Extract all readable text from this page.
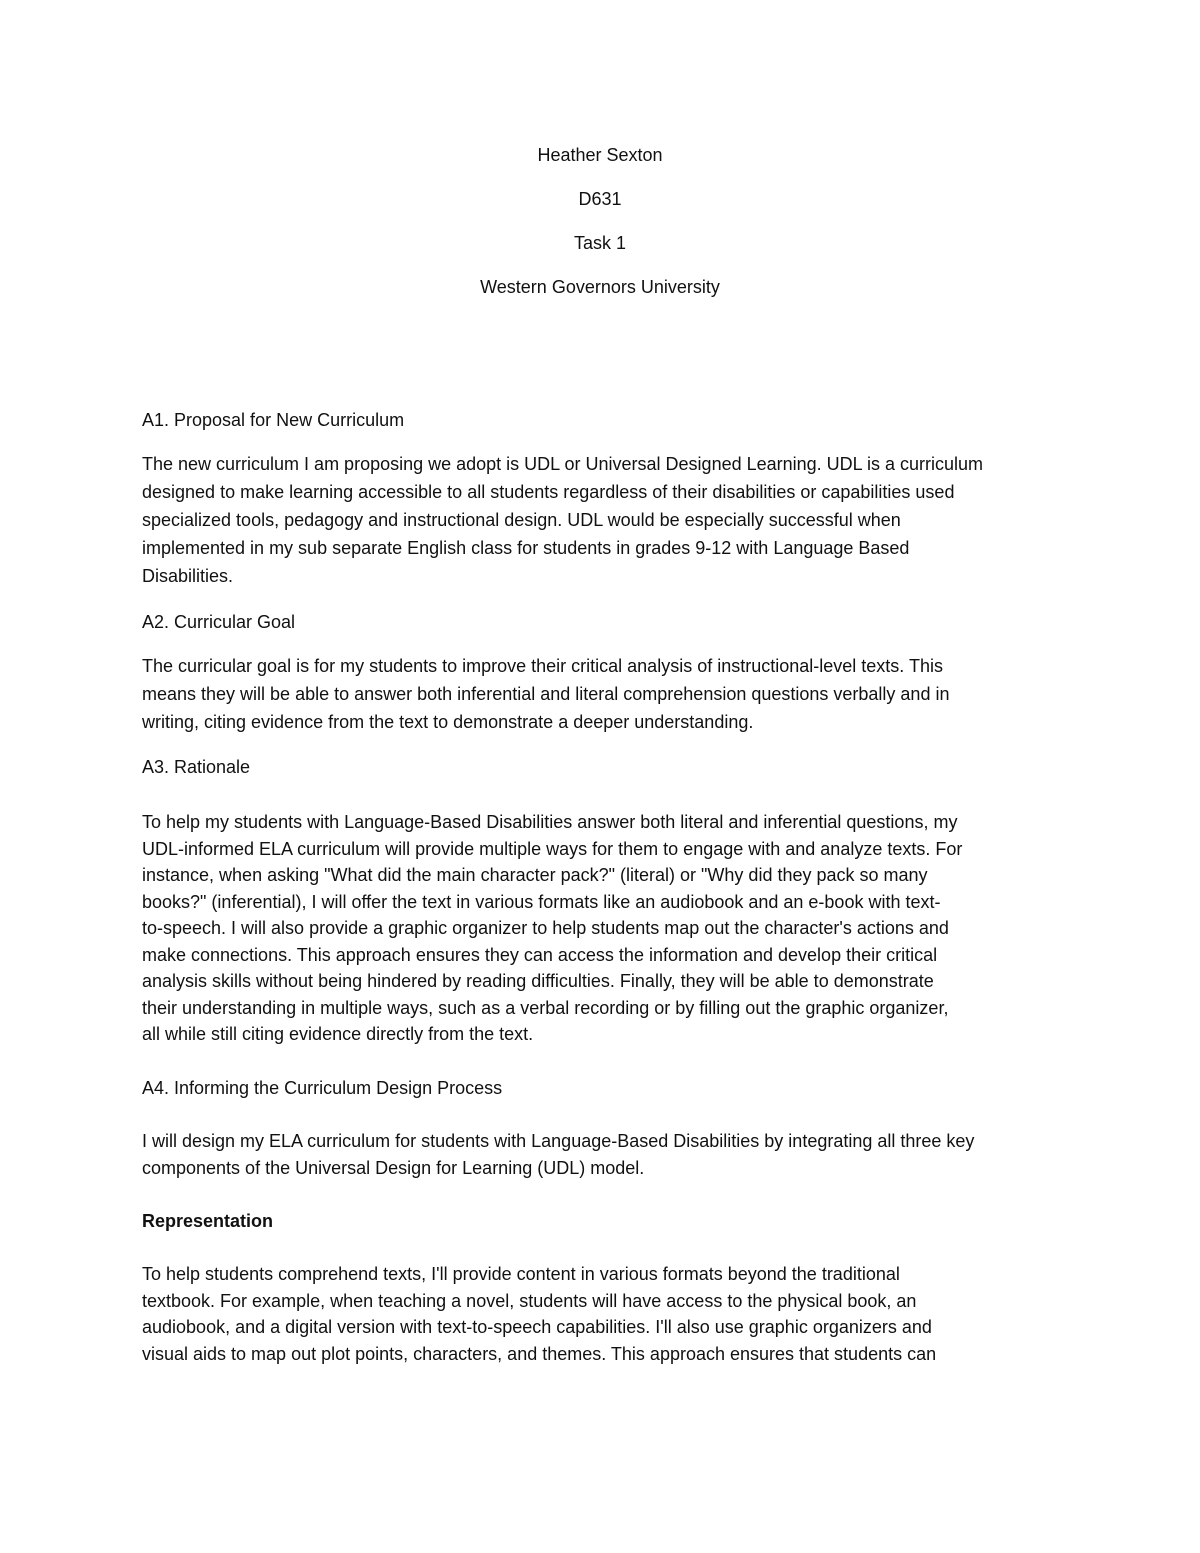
Heather Sexton
D631
Task 1
Western Governors University
A1. Proposal for New Curriculum
The new curriculum I am proposing we adopt is UDL or Universal Designed Learning. UDL is a curriculum
designed to make learning accessible to all students regardless of their disabilities or capabilities used
specialized tools, pedagogy and instructional design. UDL would be especially successful when
implemented in my sub separate English class for students in grades 9-12 with Language Based
Disabilities.
A2. Curricular Goal
The curricular goal is for my students to improve their critical analysis of instructional-level texts. This
means they will be able to answer both inferential and literal comprehension questions verbally and in
writing, citing evidence from the text to demonstrate a deeper understanding.
A3. Rationale
To help my students with Language-Based Disabilities answer both literal and inferential questions, my
UDL-informed ELA curriculum will provide multiple ways for them to engage with and analyze texts. For
instance, when asking "What did the main character pack?" (literal) or "Why did they pack so many
books?" (inferential), I will offer the text in various formats like an audiobook and an e-book with text-
to-speech. I will also provide a graphic organizer to help students map out the character's actions and
make connections. This approach ensures they can access the information and develop their critical
analysis skills without being hindered by reading difficulties. Finally, they will be able to demonstrate
their understanding in multiple ways, such as a verbal recording or by filling out the graphic organizer,
all while still citing evidence directly from the text.
A4. Informing the Curriculum Design Process
I will design my ELA curriculum for students with Language-Based Disabilities by integrating all three key
components of the Universal Design for Learning (UDL) model.
Representation
To help students comprehend texts, I'll provide content in various formats beyond the traditional
textbook. For example, when teaching a novel, students will have access to the physical book, an
audiobook, and a digital version with text-to-speech capabilities. I'll also use graphic organizers and
visual aids to map out plot points, characters, and themes. This approach ensures that students can
